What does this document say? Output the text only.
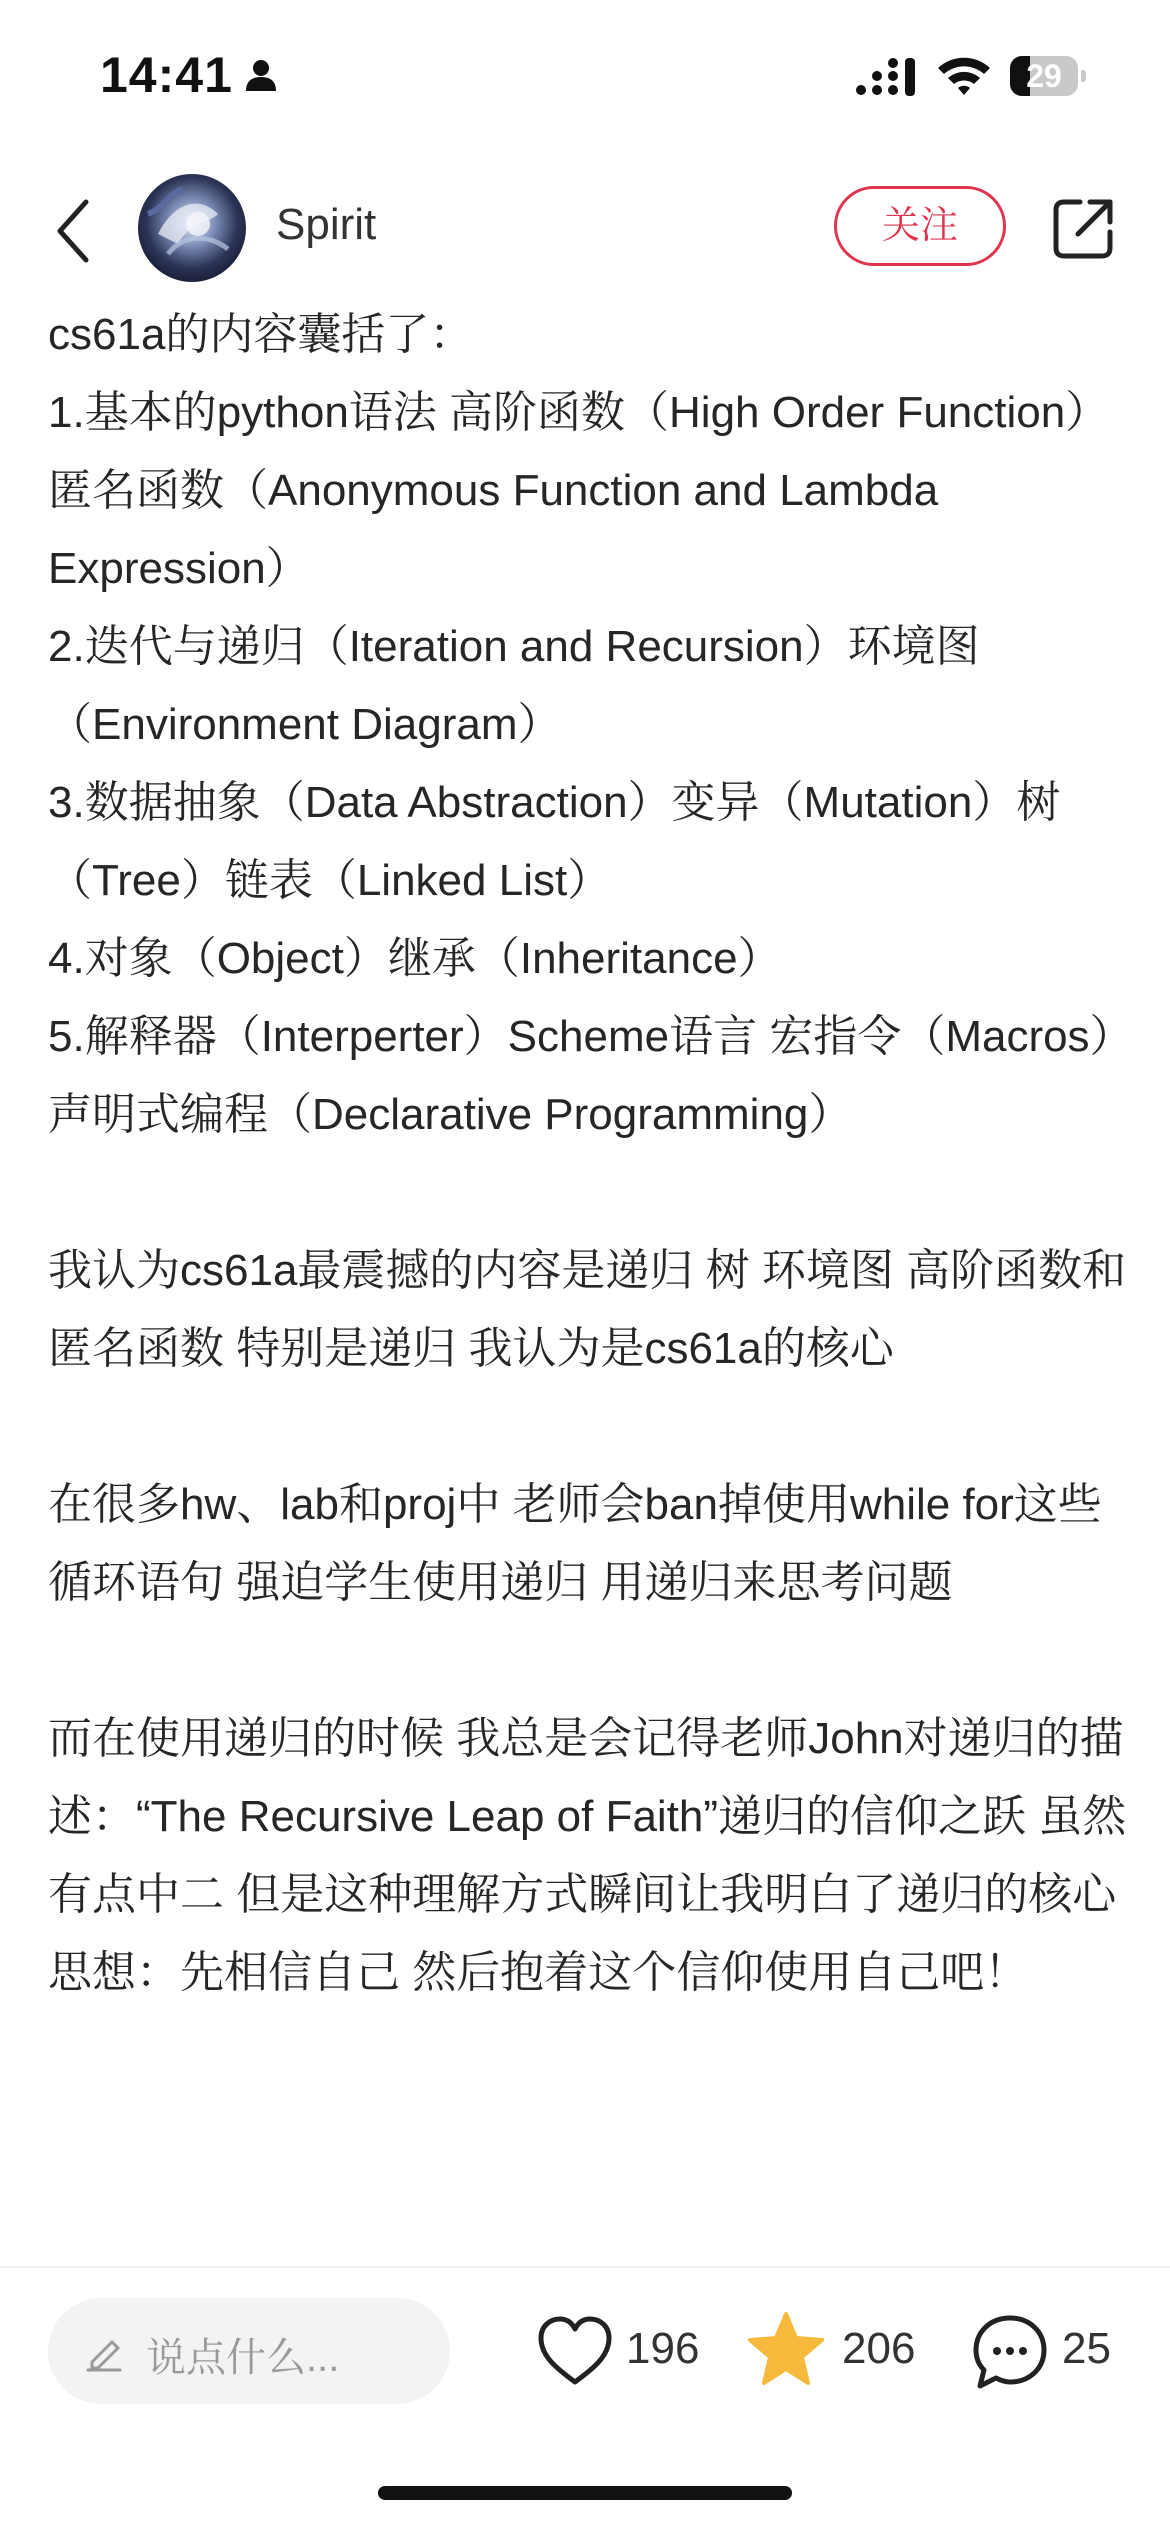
14:41	29
Spirit	关注

cs61a的内容囊括了：
1.基本的python语法 高阶函数（High Order Function）匿名函数（Anonymous Function and Lambda Expression）
2.迭代与递归（Iteration and Recursion）环境图（Environment Diagram）
3.数据抽象（Data Abstraction）变异（Mutation）树（Tree）链表（Linked List）
4.对象（Object）继承（Inheritance）
5.解释器（Interperter）Scheme语言 宏指令（Macros）声明式编程（Declarative Programming）

我认为cs61a最震撼的内容是递归 树 环境图 高阶函数和匿名函数 特别是递归 我认为是cs61a的核心

在很多hw、lab和proj中 老师会ban掉使用while for这些循环语句 强迫学生使用递归 用递归来思考问题

而在使用递归的时候 我总是会记得老师John对递归的描述：“The Recursive Leap of Faith”递归的信仰之跃 虽然有点中二 但是这种理解方式瞬间让我明白了递归的核心思想：先相信自己 然后抱着这个信仰使用自己吧！

说点什么...	196	206	25
